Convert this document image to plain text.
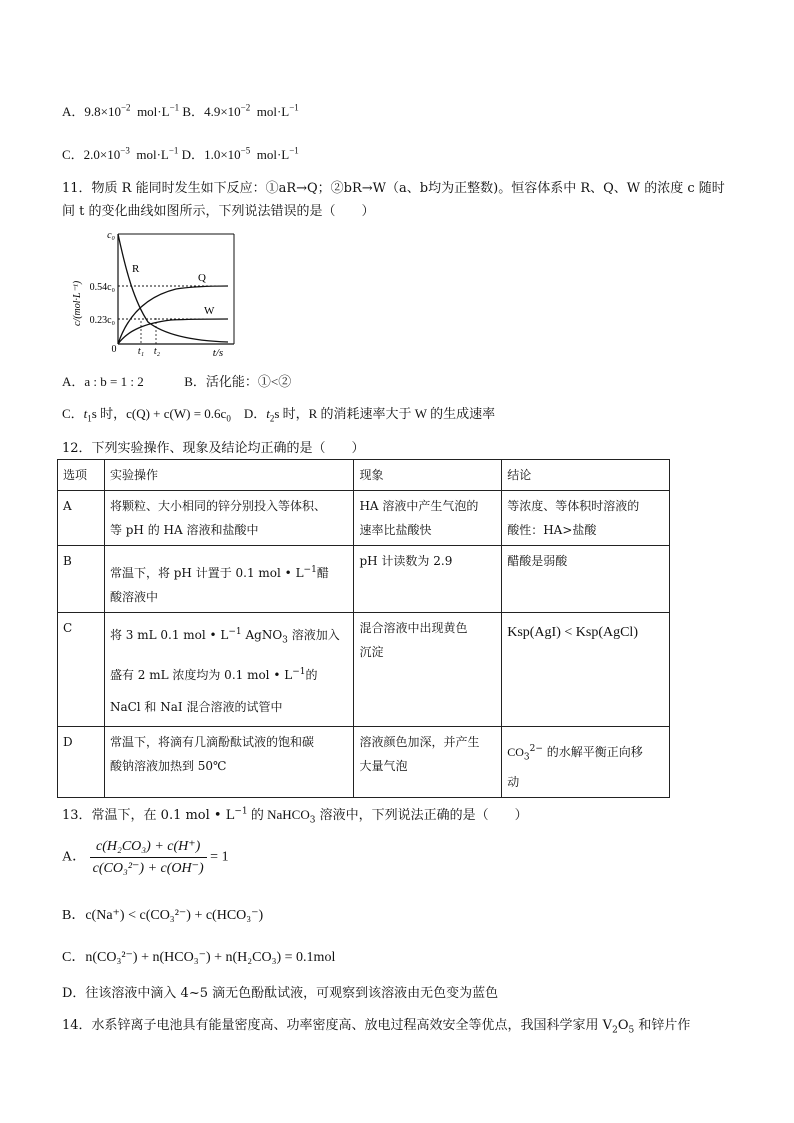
A．$9.8\times 10^{-2}$ $mol\cdot L^{-1}$ B．$4.9\times 10^{-2}$ $mol\cdot L^{-1}$
C．$2.0\times 10^{-3}$ $mol\cdot L^{-1}$ D．$1.0\times 10^{-5}$ $mol\cdot L^{-1}$
11．物质 R 能同时发生如下反应：①aR→Q；②bR→W（a、b均为正整数)。恒容体系中 R、Q、W 的浓度 c 随时
间 t 的变化曲线如图所示，下列说法错误的是（　　）
c₀
0.54c₀
0.23c₀
0 t₁ t₂	t/s
R
Q
W
c/(mol·L⁻¹)
A．a : b = 1 : 2	B．活化能：①<②
C．$t_1s$ 时，$c(Q) + c(W) = 0.6c_0$ D．$t_2s$ 时，R 的消耗速率大于 W 的生成速率
12．下列实验操作、现象及结论均正确的是（　　）
选项	实验操作	现象	结论
A	将颗粒、大小相同的锌分别投入等体积、
等 pH 的 HA 溶液和盐酸中	HA 溶液中产生气泡的
速率比盐酸快	等浓度、等体积时溶液的
酸性：HA>盐酸
B	常温下，将 pH 计置于 0.1 mol • $L^{-1}$醋
酸溶液中	pH 计读数为 2.9	醋酸是弱酸
C	将 3 mL 0.1 mol • $L^{-1}$ AgNO$_3$ 溶液加入
盛有 2 mL 浓度均为 0.1 mol • $L^{-1}$的
NaCl 和 NaI 混合溶液的试管中	混合溶液中出现黄色
沉淀	Ksp(AgI) < Ksp(AgCl)
D	常温下，将滴有几滴酚酞试液的饱和碳
酸钠溶液加热到 50℃	溶液颜色加深，并产生
大量气泡	$CO_3^{2-}$ 的水解平衡正向移
动
13．常温下，在 0.1 mol • $L^{-1}$ 的 NaHCO$_3$ 溶液中，下列说法正确的是（　　）
A． $\frac{\text{c(H₂CO₃) + c(H⁺)}}{\text{c(CO₃²⁻) + c(OH⁻)}} = 1$
B．c(Na⁺) < c(CO₃²⁻) + c(HCO₃⁻)
C．n(CO₃²⁻) + n(HCO₃⁻) + n(H₂CO₃) = 0.1mol
D．往该溶液中滴入 4~5 滴无色酚酞试液，可观察到该溶液由无色变为蓝色
14．水系锌离子电池具有能量密度高、功率密度高、放电过程高效安全等优点，我国科学家用 $V_2O_5$ 和锌片作
